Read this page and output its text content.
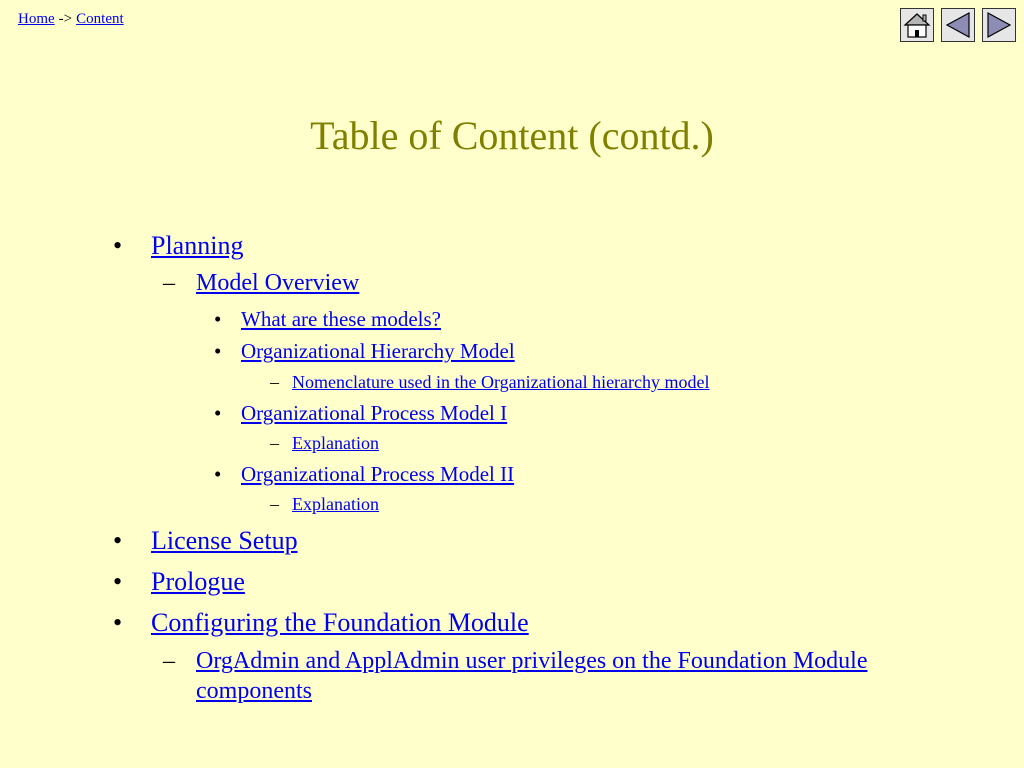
Home -> Content
Table of Content (contd.)
• Planning
– Model Overview
• What are these models?
• Organizational Hierarchy Model
– Nomenclature used in the Organizational hierarchy model
• Organizational Process Model I
– Explanation
• Organizational Process Model II
– Explanation
• License Setup
• Prologue
• Configuring the Foundation Module
– OrgAdmin and ApplAdmin user privileges on the Foundation Module
components
